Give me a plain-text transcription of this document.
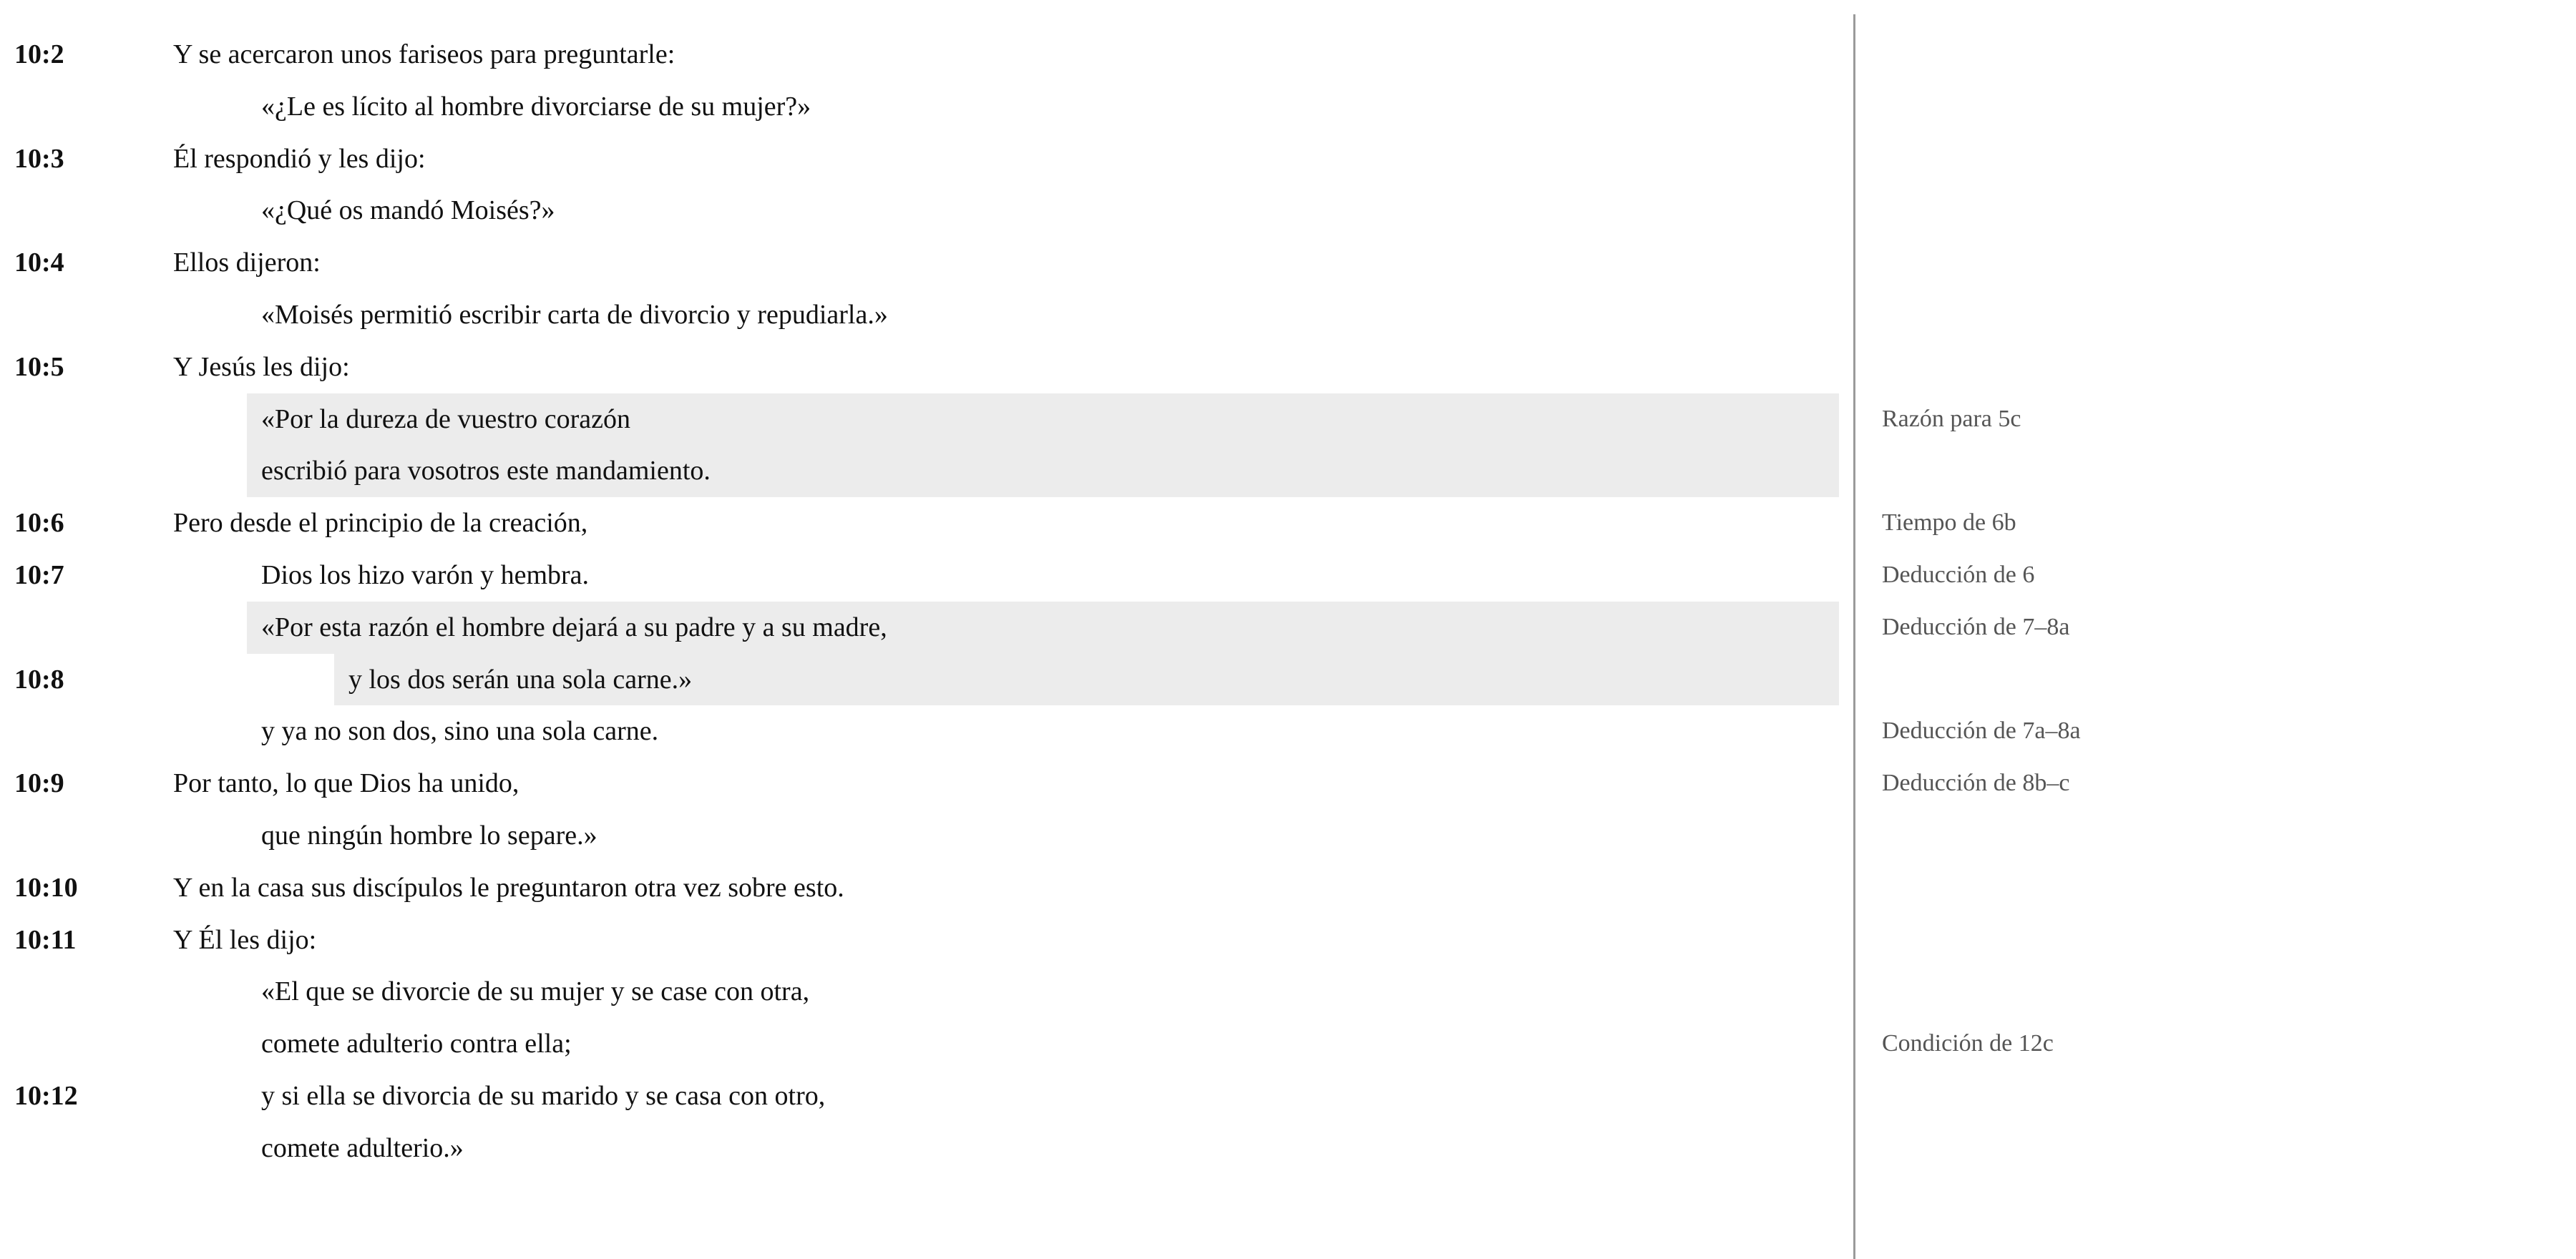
10:2	Y se acercaron unos fariseos para preguntarle:
«¿Le es lícito al hombre divorciarse de su mujer?»
10:3	Él respondió y les dijo:
«¿Qué os mandó Moisés?»
10:4	Ellos dijeron:
«Moisés permitió escribir carta de divorcio y repudiarla.»
10:5	Y Jesús les dijo:
«Por la dureza de vuestro corazón	Razón para 5c
escribió para vosotros este mandamiento.
10:6	Pero desde el principio de la creación,	Tiempo de 6b
10:7	Dios los hizo varón y hembra.	Deducción de 6
«Por esta razón el hombre dejará a su padre y a su madre,	Deducción de 7–8a
10:8	y los dos serán una sola carne.»
y ya no son dos, sino una sola carne.	Deducción de 7a–8a
10:9	Por tanto, lo que Dios ha unido,	Deducción de 8b–c
que ningún hombre lo separe.»
10:10	Y en la casa sus discípulos le preguntaron otra vez sobre esto.
10:11	Y Él les dijo:
«El que se divorcie de su mujer y se case con otra,
comete adulterio contra ella;	Condición de 12c
10:12	y si ella se divorcia de su marido y se casa con otro,
comete adulterio.»
